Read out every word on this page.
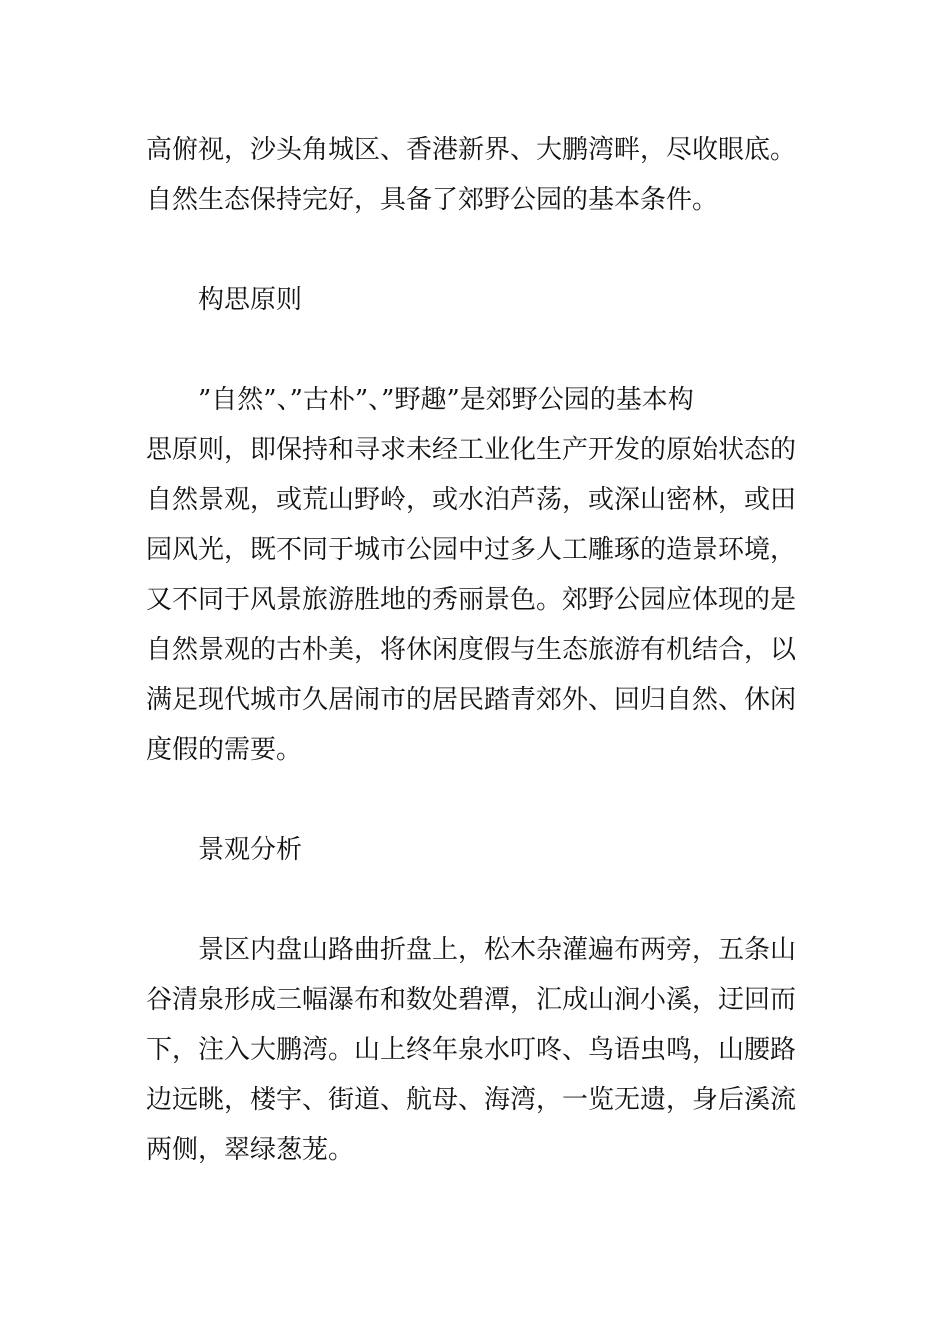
高俯视，沙头角城区、香港新界、大鹏湾畔，尽收眼底。
自然生态保持完好，具备了郊野公园的基本条件。
构思原则
”自然”、”古朴”、”野趣”是郊野公园的基本构
思原则，即保持和寻求未经工业化生产开发的原始状态的
自然景观，或荒山野岭，或水泊芦荡，或深山密林，或田
园风光，既不同于城市公园中过多人工雕琢的造景环境，
又不同于风景旅游胜地的秀丽景色。郊野公园应体现的是
自然景观的古朴美，将休闲度假与生态旅游有机结合，以
满足现代城市久居闹市的居民踏青郊外、回归自然、休闲
度假的需要。
景观分析
景区内盘山路曲折盘上，松木杂灌遍布两旁，五条山
谷清泉形成三幅瀑布和数处碧潭，汇成山涧小溪，迂回而
下，注入大鹏湾。山上终年泉水叮咚、鸟语虫鸣，山腰路
边远眺，楼宇、街道、航母、海湾，一览无遗，身后溪流
两侧，翠绿葱茏。
